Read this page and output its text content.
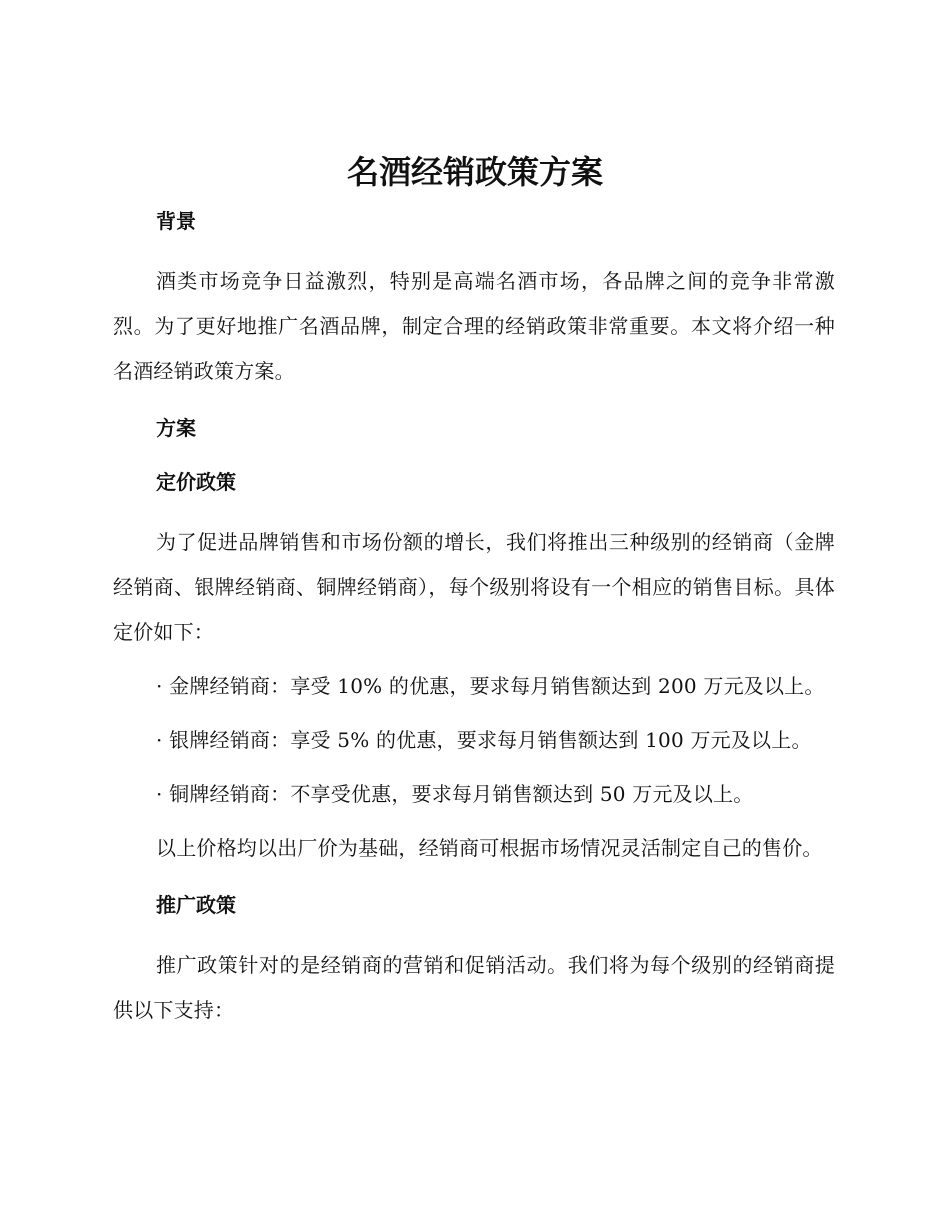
名酒经销政策方案
背景

酒类市场竞争日益激烈，特别是高端名酒市场，各品牌之间的竞争非常激烈。为了更好地推广名酒品牌，制定合理的经销政策非常重要。本文将介绍一种名酒经销政策方案。

方案
定价政策

为了促进品牌销售和市场份额的增长，我们将推出三种级别的经销商（金牌经销商、银牌经销商、铜牌经销商），每个级别将设有一个相应的销售目标。具体定价如下：

· 金牌经销商：享受 10% 的优惠，要求每月销售额达到 200 万元及以上。

· 银牌经销商：享受 5% 的优惠，要求每月销售额达到 100 万元及以上。

· 铜牌经销商：不享受优惠，要求每月销售额达到 50 万元及以上。

以上价格均以出厂价为基础，经销商可根据市场情况灵活制定自己的售价。

推广政策

推广政策针对的是经销商的营销和促销活动。我们将为每个级别的经销商提供以下支持：
